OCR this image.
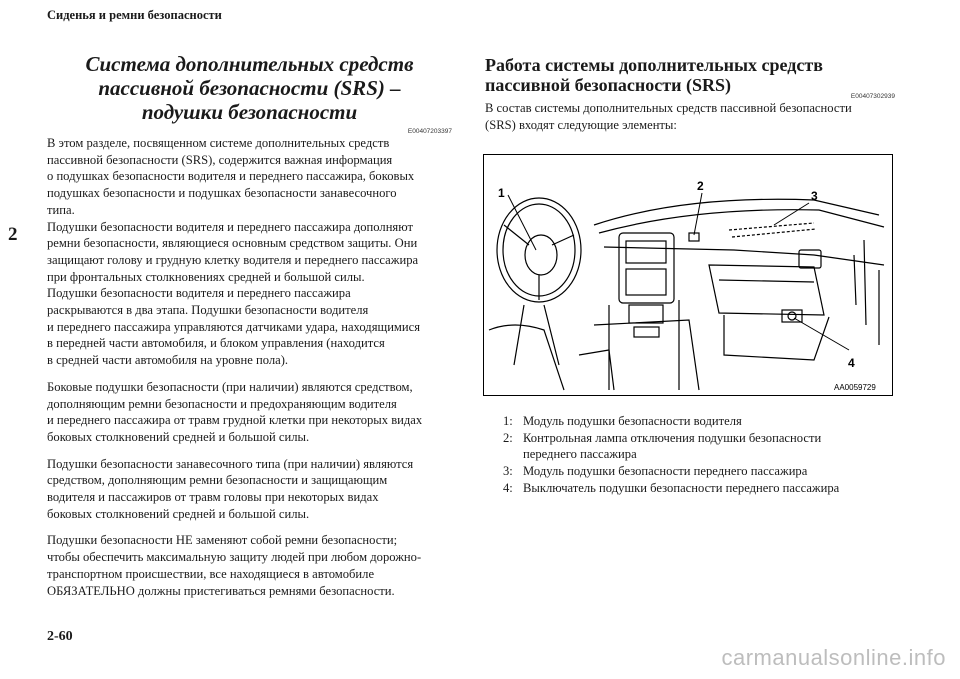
Сиденья и ремни безопасности
2
Система дополнительных средств
пассивной безопасности (SRS) –
подушки безопасности
E00407203397
В этом разделе, посвященном системе дополнительных средств
пассивной безопасности (SRS), содержится важная информация
о подушках безопасности водителя и переднего пассажира, боковых
подушках безопасности и подушках безопасности занавесочного
типа.
Подушки безопасности водителя и переднего пассажира дополняют
ремни безопасности, являющиеся основным средством защиты. Они
защищают голову и грудную клетку водителя и переднего пассажира
при фронтальных столкновениях средней и большой силы.
Подушки безопасности водителя и переднего пассажира
раскрываются в два этапа. Подушки безопасности водителя
и переднего пассажира управляются датчиками удара, находящимися
в передней части автомобиля, и блоком управления (находится
в средней части автомобиля на уровне пола).
Боковые подушки безопасности (при наличии) являются средством,
дополняющим ремни безопасности и предохраняющим водителя
и переднего пассажира от травм грудной клетки при некоторых видах
боковых столкновений средней и большой силы.
Подушки безопасности занавесочного типа (при наличии) являются
средством, дополняющим ремни безопасности и защищающим
водителя и пассажиров от травм головы при некоторых видах
боковых столкновений средней и большой силы.
Подушки безопасности НЕ заменяют собой ремни безопасности;
чтобы обеспечить максимальную защиту людей при любом дорожно-
транспортном происшествии, все находящиеся в автомобиле
ОБЯЗАТЕЛЬНО должны пристегиваться ремнями безопасности.
Работа системы дополнительных средств
пассивной безопасности (SRS)
E00407302939
В состав системы дополнительных средств пассивной безопасности
(SRS) входят следующие элементы:
1	2
3
4
AA0059729
1: Модуль подушки безопасности водителя
2: Контрольная лампа отключения подушки безопасности
переднего пассажира
3: Модуль подушки безопасности переднего пассажира
4: Выключатель подушки безопасности переднего пассажира
2-60
carmanualsonline.info
